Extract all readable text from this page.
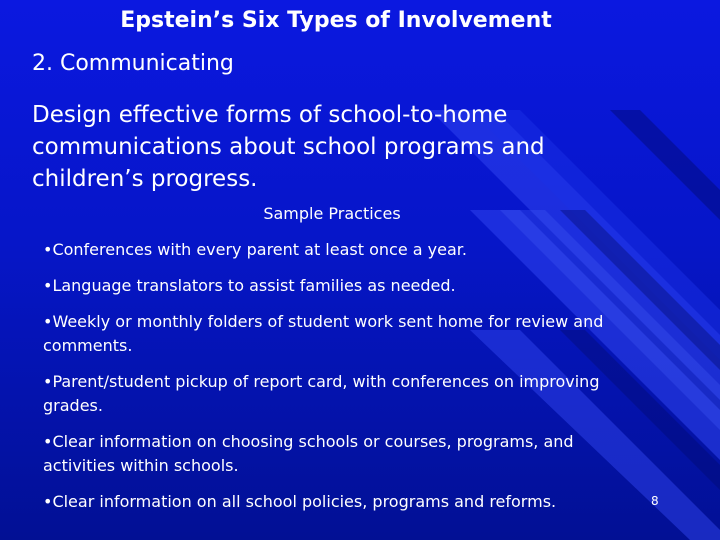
Epstein’s Six Types of Involvement
2. Communicating
Design effective forms of school-to-home communications about school programs and children’s progress.
Sample Practices
• Conferences with every parent at least once a year.
• Language translators to assist families as needed.
• Weekly or monthly folders of student work sent home for review and comments.
• Parent/student pickup of report card, with conferences on improving grades.
• Clear information on choosing schools or courses, programs, and activities within schools.
• Clear information on all school policies, programs and reforms.	8
